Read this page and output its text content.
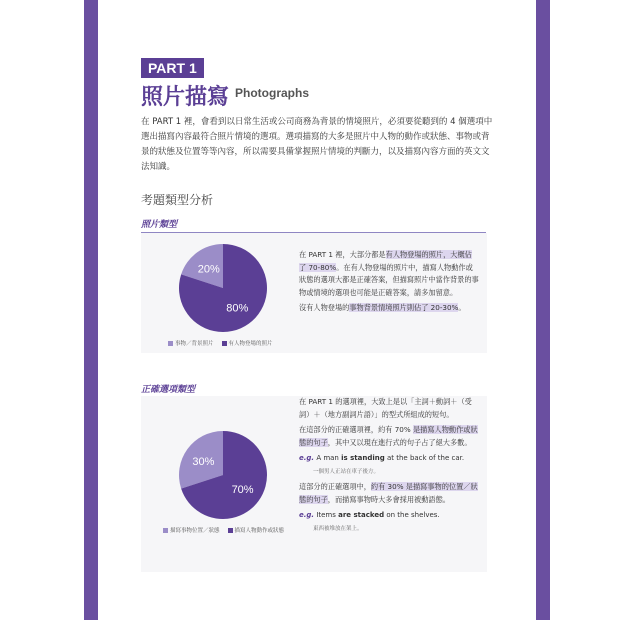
PART 1
照片描寫 Photographs
在 PART 1 裡，會看到以日常生活或公司商務為背景的情境照片，必須要從聽到的 4 個選項中選出描寫內容最符合照片情境的選項。選項描寫的大多是照片中人物的動作或狀態、事物或背景的狀態及位置等等內容，所以需要具備掌握照片情境的判斷力，以及描寫內容方面的英文文法知識。
考題類型分析
照片類型
20%
80%
事物／背景照片	有人物登場的照片

在 PART 1 裡，大部分都是有人物登場的照片，大概佔了 70-80%。在有人物登場的照片中，描寫人物動作或狀態的選項大都是正確答案，但描寫照片中當作背景的事物或情境的選項也可能是正確答案，請多加留意。

沒有人物登場的事物背景情境照片則佔了 20-30%。

正確選項類型
30%
70%
描寫事物位置／狀態	描寫人物動作或狀態

在 PART 1 的選項裡，大致上是以「主詞＋動詞＋（受詞）＋（地方副詞片語）」的型式所組成的短句。

在這部分的正確選項裡，約有 70% 是描寫人物動作或狀態的句子，其中又以現在進行式的句子占了絕大多數。

e.g. A man is standing at the back of the car.
一個男人正站在車子後方。

這部分的正確選項中，約有 30% 是描寫事物的位置／狀態的句子，而描寫事物時大多會採用被動語態。

e.g. Items are stacked on the shelves.
東西被堆放在架上。
